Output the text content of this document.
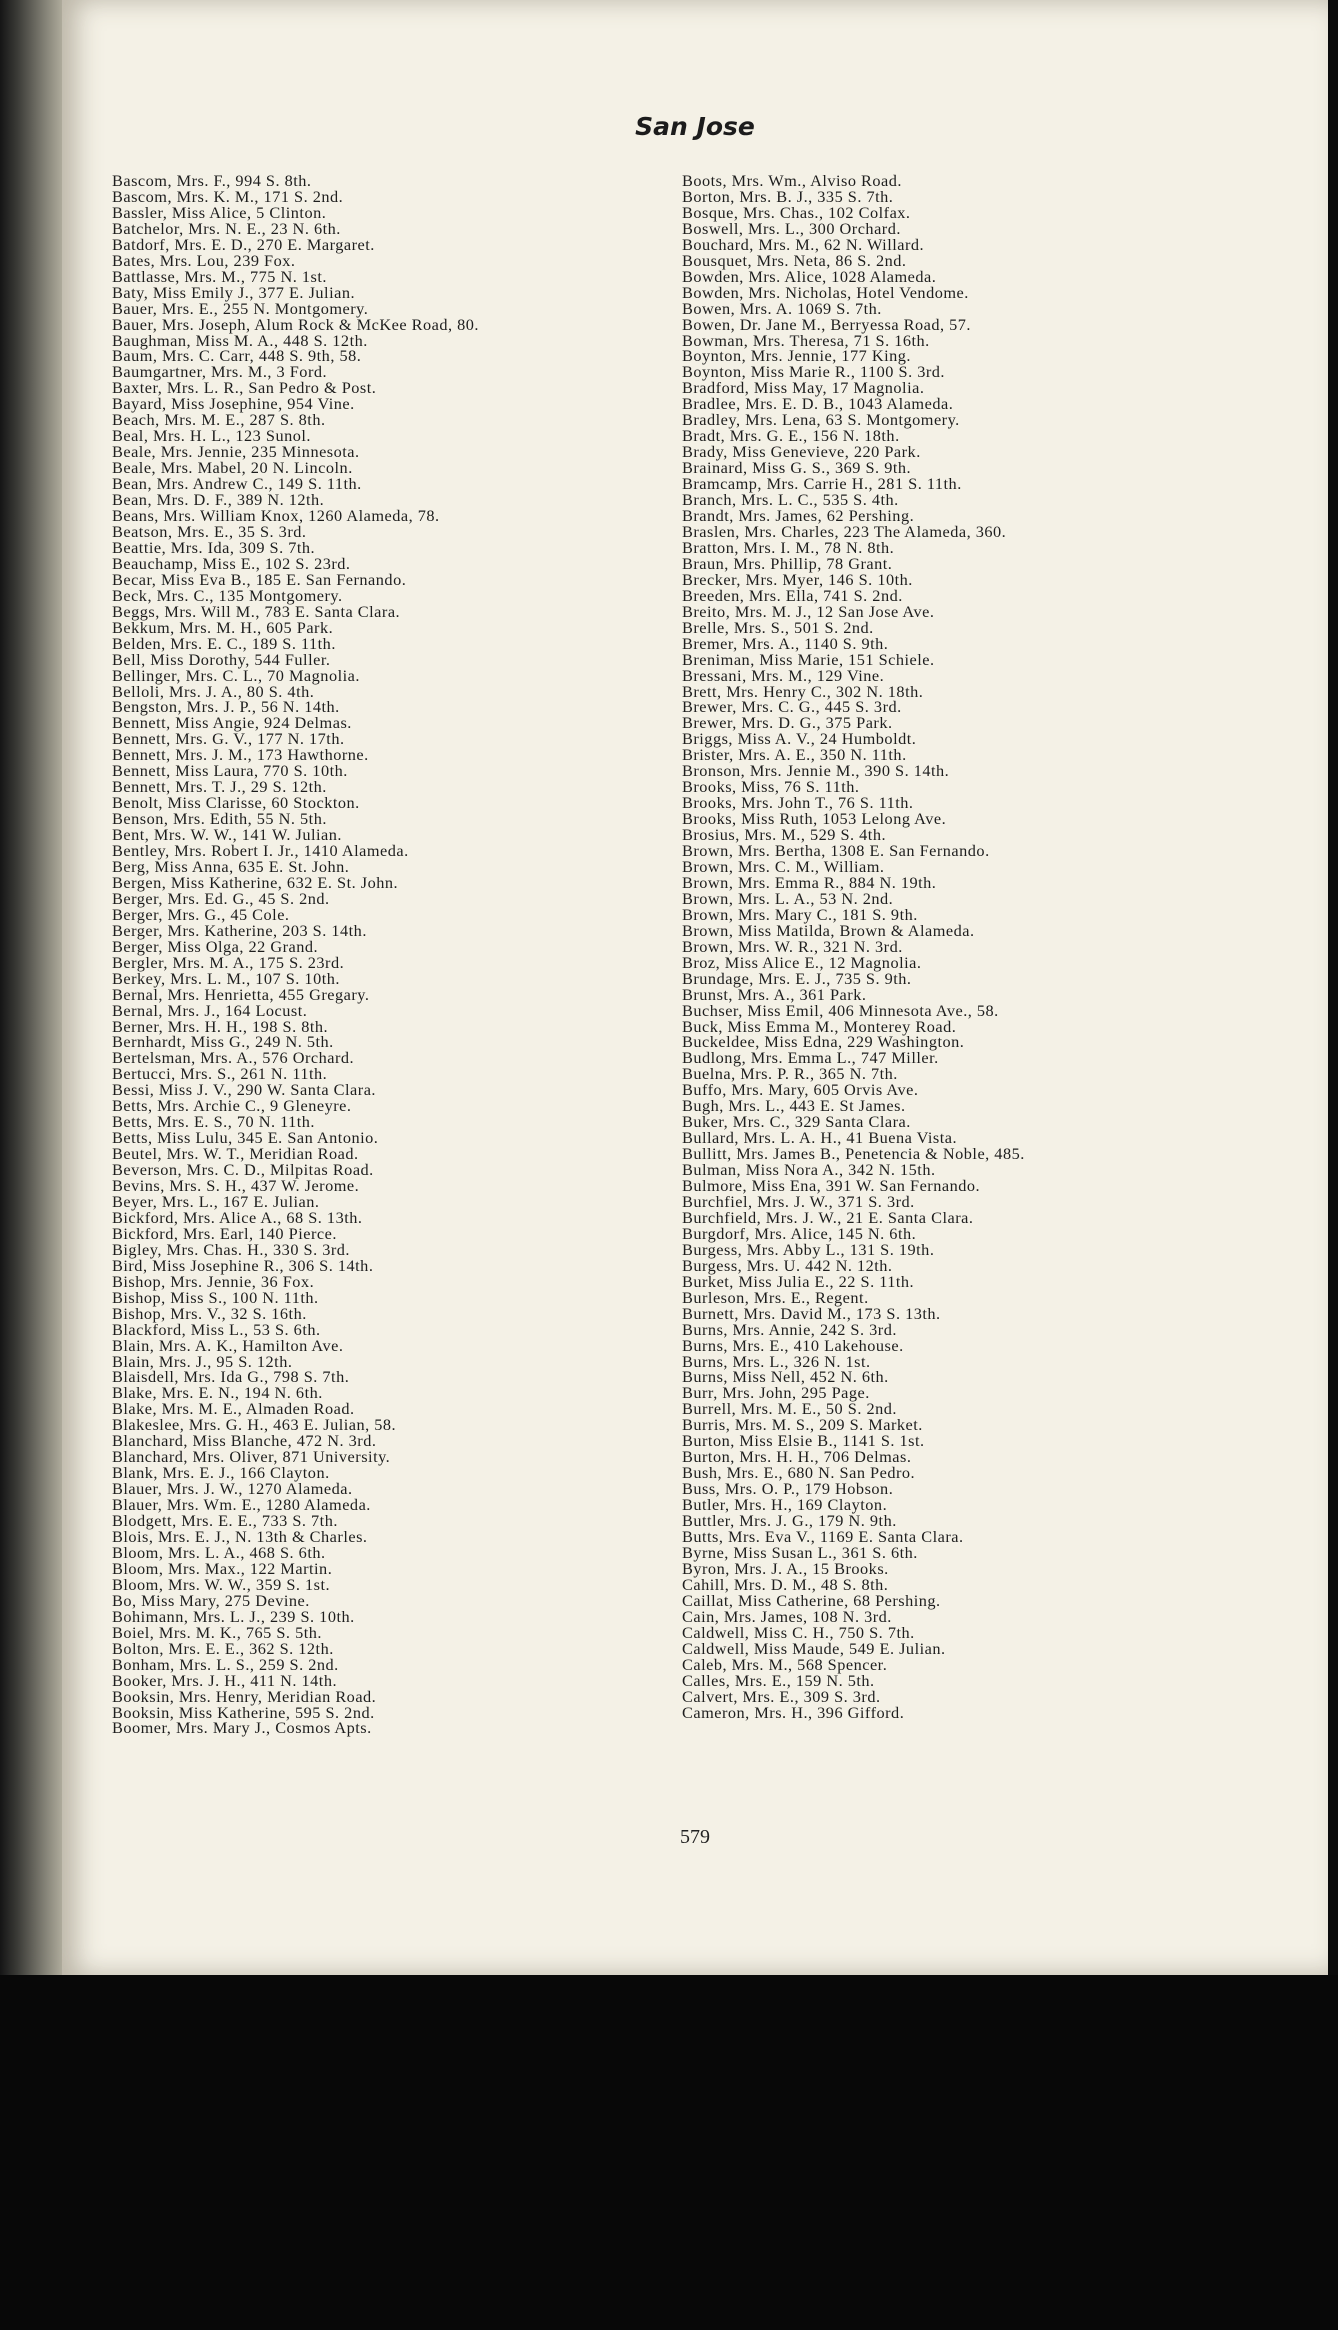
San Jose
Bascom, Mrs. F., 994 S. 8th.
Bascom, Mrs. K. M., 171 S. 2nd.
Bassler, Miss Alice, 5 Clinton.
Batchelor, Mrs. N. E., 23 N. 6th.
Batdorf, Mrs. E. D., 270 E. Margaret.
Bates, Mrs. Lou, 239 Fox.
Battlasse, Mrs. M., 775 N. 1st.
Baty, Miss Emily J., 377 E. Julian.
Bauer, Mrs. E., 255 N. Montgomery.
Bauer, Mrs. Joseph, Alum Rock & McKee Road, 80.
Baughman, Miss M. A., 448 S. 12th.
Baum, Mrs. C. Carr, 448 S. 9th, 58.
Baumgartner, Mrs. M., 3 Ford.
Baxter, Mrs. L. R., San Pedro & Post.
Bayard, Miss Josephine, 954 Vine.
Beach, Mrs. M. E., 287 S. 8th.
Beal, Mrs. H. L., 123 Sunol.
Beale, Mrs. Jennie, 235 Minnesota.
Beale, Mrs. Mabel, 20 N. Lincoln.
Bean, Mrs. Andrew C., 149 S. 11th.
Bean, Mrs. D. F., 389 N. 12th.
Beans, Mrs. William Knox, 1260 Alameda, 78.
Beatson, Mrs. E., 35 S. 3rd.
Beattie, Mrs. Ida, 309 S. 7th.
Beauchamp, Miss E., 102 S. 23rd.
Becar, Miss Eva B., 185 E. San Fernando.
Beck, Mrs. C., 135 Montgomery.
Beggs, Mrs. Will M., 783 E. Santa Clara.
Bekkum, Mrs. M. H., 605 Park.
Belden, Mrs. E. C., 189 S. 11th.
Bell, Miss Dorothy, 544 Fuller.
Bellinger, Mrs. C. L., 70 Magnolia.
Belloli, Mrs. J. A., 80 S. 4th.
Bengston, Mrs. J. P., 56 N. 14th.
Bennett, Miss Angie, 924 Delmas.
Bennett, Mrs. G. V., 177 N. 17th.
Bennett, Mrs. J. M., 173 Hawthorne.
Bennett, Miss Laura, 770 S. 10th.
Bennett, Mrs. T. J., 29 S. 12th.
Benolt, Miss Clarisse, 60 Stockton.
Benson, Mrs. Edith, 55 N. 5th.
Bent, Mrs. W. W., 141 W. Julian.
Bentley, Mrs. Robert I. Jr., 1410 Alameda.
Berg, Miss Anna, 635 E. St. John.
Bergen, Miss Katherine, 632 E. St. John.
Berger, Mrs. Ed. G., 45 S. 2nd.
Berger, Mrs. G., 45 Cole.
Berger, Mrs. Katherine, 203 S. 14th.
Berger, Miss Olga, 22 Grand.
Bergler, Mrs. M. A., 175 S. 23rd.
Berkey, Mrs. L. M., 107 S. 10th.
Bernal, Mrs. Henrietta, 455 Gregary.
Bernal, Mrs. J., 164 Locust.
Berner, Mrs. H. H., 198 S. 8th.
Bernhardt, Miss G., 249 N. 5th.
Bertelsman, Mrs. A., 576 Orchard.
Bertucci, Mrs. S., 261 N. 11th.
Bessi, Miss J. V., 290 W. Santa Clara.
Betts, Mrs. Archie C., 9 Gleneyre.
Betts, Mrs. E. S., 70 N. 11th.
Betts, Miss Lulu, 345 E. San Antonio.
Beutel, Mrs. W. T., Meridian Road.
Beverson, Mrs. C. D., Milpitas Road.
Bevins, Mrs. S. H., 437 W. Jerome.
Beyer, Mrs. L., 167 E. Julian.
Bickford, Mrs. Alice A., 68 S. 13th.
Bickford, Mrs. Earl, 140 Pierce.
Bigley, Mrs. Chas. H., 330 S. 3rd.
Bird, Miss Josephine R., 306 S. 14th.
Bishop, Mrs. Jennie, 36 Fox.
Bishop, Miss S., 100 N. 11th.
Bishop, Mrs. V., 32 S. 16th.
Blackford, Miss L., 53 S. 6th.
Blain, Mrs. A. K., Hamilton Ave.
Blain, Mrs. J., 95 S. 12th.
Blaisdell, Mrs. Ida G., 798 S. 7th.
Blake, Mrs. E. N., 194 N. 6th.
Blake, Mrs. M. E., Almaden Road.
Blakeslee, Mrs. G. H., 463 E. Julian, 58.
Blanchard, Miss Blanche, 472 N. 3rd.
Blanchard, Mrs. Oliver, 871 University.
Blank, Mrs. E. J., 166 Clayton.
Blauer, Mrs. J. W., 1270 Alameda.
Blauer, Mrs. Wm. E., 1280 Alameda.
Blodgett, Mrs. E. E., 733 S. 7th.
Blois, Mrs. E. J., N. 13th & Charles.
Bloom, Mrs. L. A., 468 S. 6th.
Bloom, Mrs. Max., 122 Martin.
Bloom, Mrs. W. W., 359 S. 1st.
Bo, Miss Mary, 275 Devine.
Bohimann, Mrs. L. J., 239 S. 10th.
Boiel, Mrs. M. K., 765 S. 5th.
Bolton, Mrs. E. E., 362 S. 12th.
Bonham, Mrs. L. S., 259 S. 2nd.
Booker, Mrs. J. H., 411 N. 14th.
Booksin, Mrs. Henry, Meridian Road.
Booksin, Miss Katherine, 595 S. 2nd.
Boomer, Mrs. Mary J., Cosmos Apts.
Boots, Mrs. Wm., Alviso Road.
Borton, Mrs. B. J., 335 S. 7th.
Bosque, Mrs. Chas., 102 Colfax.
Boswell, Mrs. L., 300 Orchard.
Bouchard, Mrs. M., 62 N. Willard.
Bousquet, Mrs. Neta, 86 S. 2nd.
Bowden, Mrs. Alice, 1028 Alameda.
Bowden, Mrs. Nicholas, Hotel Vendome.
Bowen, Mrs. A. 1069 S. 7th.
Bowen, Dr. Jane M., Berryessa Road, 57.
Bowman, Mrs. Theresa, 71 S. 16th.
Boynton, Mrs. Jennie, 177 King.
Boynton, Miss Marie R., 1100 S. 3rd.
Bradford, Miss May, 17 Magnolia.
Bradlee, Mrs. E. D. B., 1043 Alameda.
Bradley, Mrs. Lena, 63 S. Montgomery.
Bradt, Mrs. G. E., 156 N. 18th.
Brady, Miss Genevieve, 220 Park.
Brainard, Miss G. S., 369 S. 9th.
Bramcamp, Mrs. Carrie H., 281 S. 11th.
Branch, Mrs. L. C., 535 S. 4th.
Brandt, Mrs. James, 62 Pershing.
Braslen, Mrs. Charles, 223 The Alameda, 360.
Bratton, Mrs. I. M., 78 N. 8th.
Braun, Mrs. Phillip, 78 Grant.
Brecker, Mrs. Myer, 146 S. 10th.
Breeden, Mrs. Ella, 741 S. 2nd.
Breito, Mrs. M. J., 12 San Jose Ave.
Brelle, Mrs. S., 501 S. 2nd.
Bremer, Mrs. A., 1140 S. 9th.
Breniman, Miss Marie, 151 Schiele.
Bressani, Mrs. M., 129 Vine.
Brett, Mrs. Henry C., 302 N. 18th.
Brewer, Mrs. C. G., 445 S. 3rd.
Brewer, Mrs. D. G., 375 Park.
Briggs, Miss A. V., 24 Humboldt.
Brister, Mrs. A. E., 350 N. 11th.
Bronson, Mrs. Jennie M., 390 S. 14th.
Brooks, Miss, 76 S. 11th.
Brooks, Mrs. John T., 76 S. 11th.
Brooks, Miss Ruth, 1053 Lelong Ave.
Brosius, Mrs. M., 529 S. 4th.
Brown, Mrs. Bertha, 1308 E. San Fernando.
Brown, Mrs. C. M., William.
Brown, Mrs. Emma R., 884 N. 19th.
Brown, Mrs. L. A., 53 N. 2nd.
Brown, Mrs. Mary C., 181 S. 9th.
Brown, Miss Matilda, Brown & Alameda.
Brown, Mrs. W. R., 321 N. 3rd.
Broz, Miss Alice E., 12 Magnolia.
Brundage, Mrs. E. J., 735 S. 9th.
Brunst, Mrs. A., 361 Park.
Buchser, Miss Emil, 406 Minnesota Ave., 58.
Buck, Miss Emma M., Monterey Road.
Buckeldee, Miss Edna, 229 Washington.
Budlong, Mrs. Emma L., 747 Miller.
Buelna, Mrs. P. R., 365 N. 7th.
Buffo, Mrs. Mary, 605 Orvis Ave.
Bugh, Mrs. L., 443 E. St James.
Buker, Mrs. C., 329 Santa Clara.
Bullard, Mrs. L. A. H., 41 Buena Vista.
Bullitt, Mrs. James B., Penetencia & Noble, 485.
Bulman, Miss Nora A., 342 N. 15th.
Bulmore, Miss Ena, 391 W. San Fernando.
Burchfiel, Mrs. J. W., 371 S. 3rd.
Burchfield, Mrs. J. W., 21 E. Santa Clara.
Burgdorf, Mrs. Alice, 145 N. 6th.
Burgess, Mrs. Abby L., 131 S. 19th.
Burgess, Mrs. U. 442 N. 12th.
Burket, Miss Julia E., 22 S. 11th.
Burleson, Mrs. E., Regent.
Burnett, Mrs. David M., 173 S. 13th.
Burns, Mrs. Annie, 242 S. 3rd.
Burns, Mrs. E., 410 Lakehouse.
Burns, Mrs. L., 326 N. 1st.
Burns, Miss Nell, 452 N. 6th.
Burr, Mrs. John, 295 Page.
Burrell, Mrs. M. E., 50 S. 2nd.
Burris, Mrs. M. S., 209 S. Market.
Burton, Miss Elsie B., 1141 S. 1st.
Burton, Mrs. H. H., 706 Delmas.
Bush, Mrs. E., 680 N. San Pedro.
Buss, Mrs. O. P., 179 Hobson.
Butler, Mrs. H., 169 Clayton.
Buttler, Mrs. J. G., 179 N. 9th.
Butts, Mrs. Eva V., 1169 E. Santa Clara.
Byrne, Miss Susan L., 361 S. 6th.
Byron, Mrs. J. A., 15 Brooks.
Cahill, Mrs. D. M., 48 S. 8th.
Caillat, Miss Catherine, 68 Pershing.
Cain, Mrs. James, 108 N. 3rd.
Caldwell, Miss C. H., 750 S. 7th.
Caldwell, Miss Maude, 549 E. Julian.
Caleb, Mrs. M., 568 Spencer.
Calles, Mrs. E., 159 N. 5th.
Calvert, Mrs. E., 309 S. 3rd.
Cameron, Mrs. H., 396 Gifford.
579
